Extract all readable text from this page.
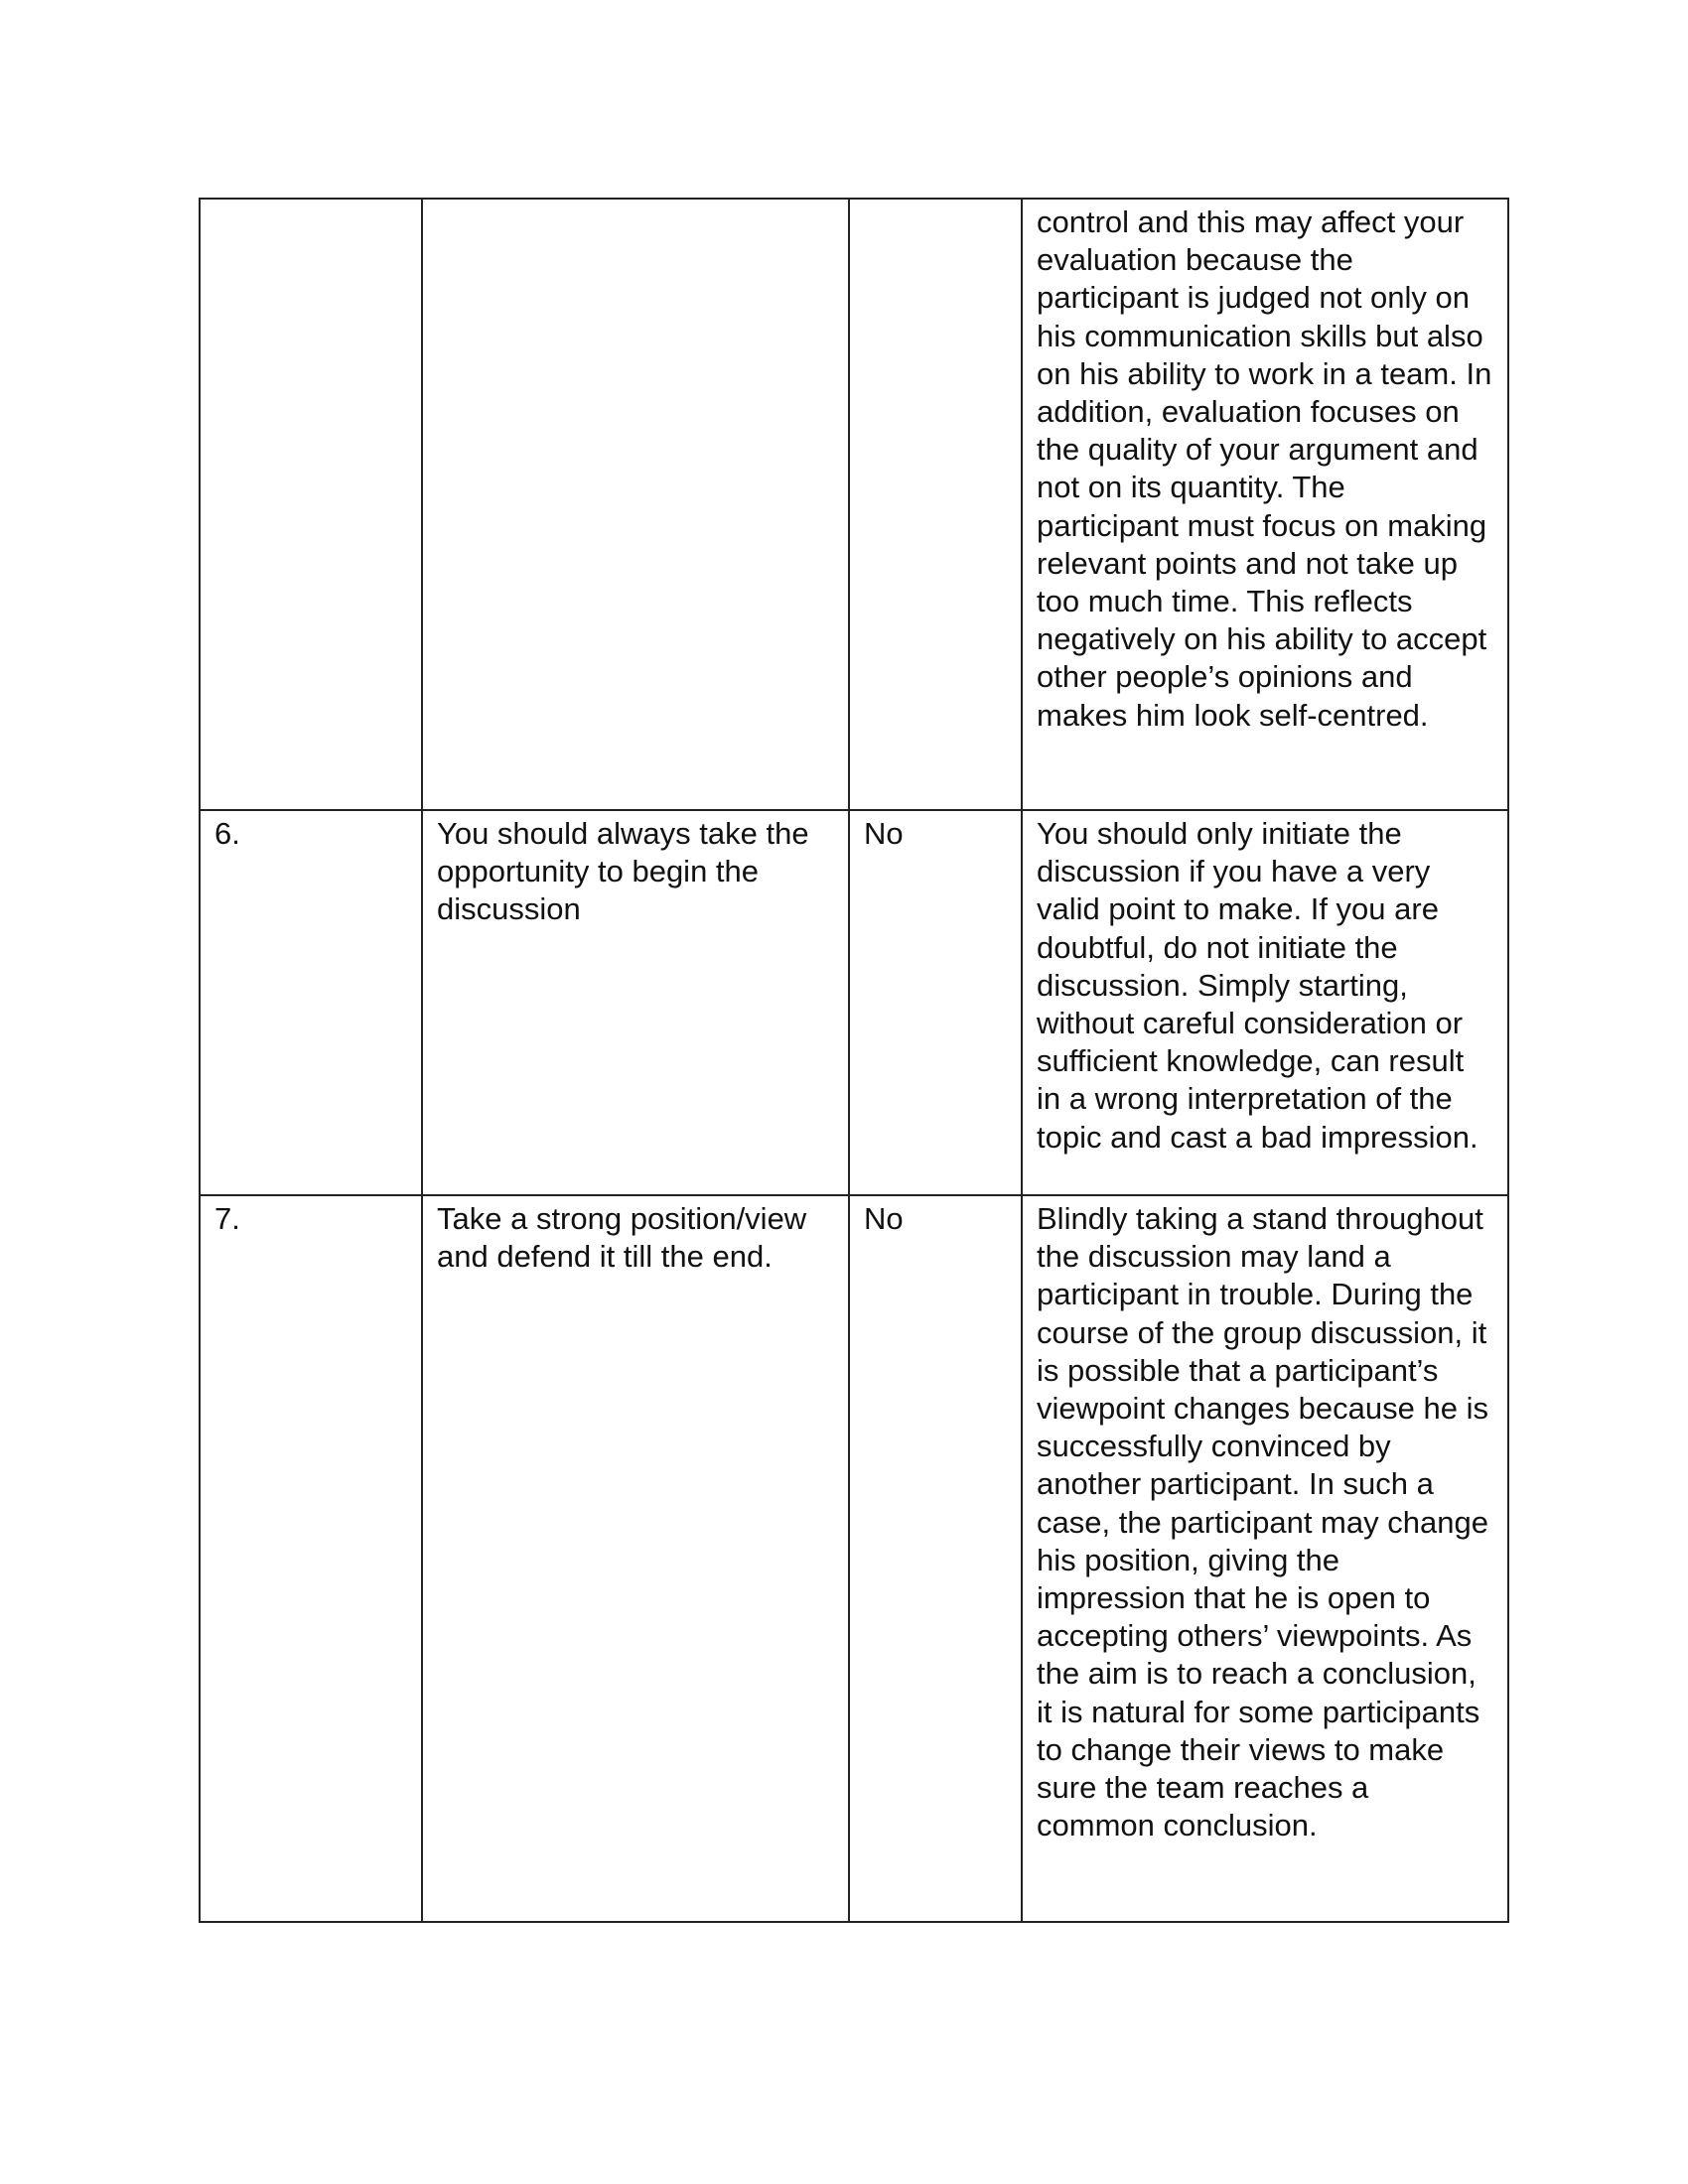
			control and this may affect your evaluation because the participant is judged not only on his communication skills but also on his ability to work in a team. In addition, evaluation focuses on the quality of your argument and not on its quantity. The participant must focus on making relevant points and not take up too much time. This reflects negatively on his ability to accept other people’s opinions and makes him look self-centred.

6.	You should always take the opportunity to begin the discussion	No	You should only initiate the discussion if you have a very valid point to make. If you are doubtful, do not initiate the discussion. Simply starting, without careful consideration or sufficient knowledge, can result in a wrong interpretation of the topic and cast a bad impression.

7.	Take a strong position/view and defend it till the end.	No	Blindly taking a stand throughout the discussion may land a participant in trouble. During the course of the group discussion, it is possible that a participant’s viewpoint changes because he is successfully convinced by another participant. In such a case, the participant may change his position, giving the impression that he is open to accepting others’ viewpoints. As the aim is to reach a conclusion, it is natural for some participants to change their views to make sure the team reaches a common conclusion.
